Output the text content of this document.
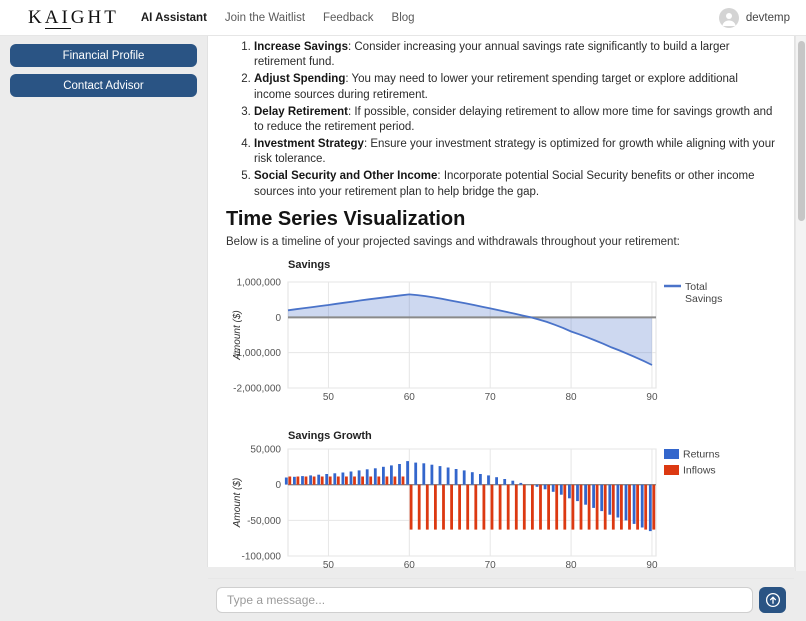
KAIGHT AI Assistant Join the Waitlist Feedback Blog	devtemp
Financial Profile
Contact Advisor
1. Increase Savings: Consider increasing your annual savings rate significantly to build a larger retirement fund.
2. Adjust Spending: You may need to lower your retirement spending target or explore additional income sources during retirement.
3. Delay Retirement: If possible, consider delaying retirement to allow more time for savings growth and to reduce the retirement period.
4. Investment Strategy: Ensure your investment strategy is optimized for growth while aligning with your risk tolerance.
5. Social Security and Other Income: Incorporate potential Social Security benefits or other income sources into your retirement plan to help bridge the gap.
Time Series Visualization

Below is a timeline of your projected savings and withdrawals throughout your retirement:

1,000,000
0
-1,000,000
-2,000,000
50	60	70	80	90
Total
Savings
Savings
Amount ($)
50,000
0
-50,000
-100,000
50	60	70	80	90
Returns
Inflows
Savings Growth
Amount ($)
Type a message...
